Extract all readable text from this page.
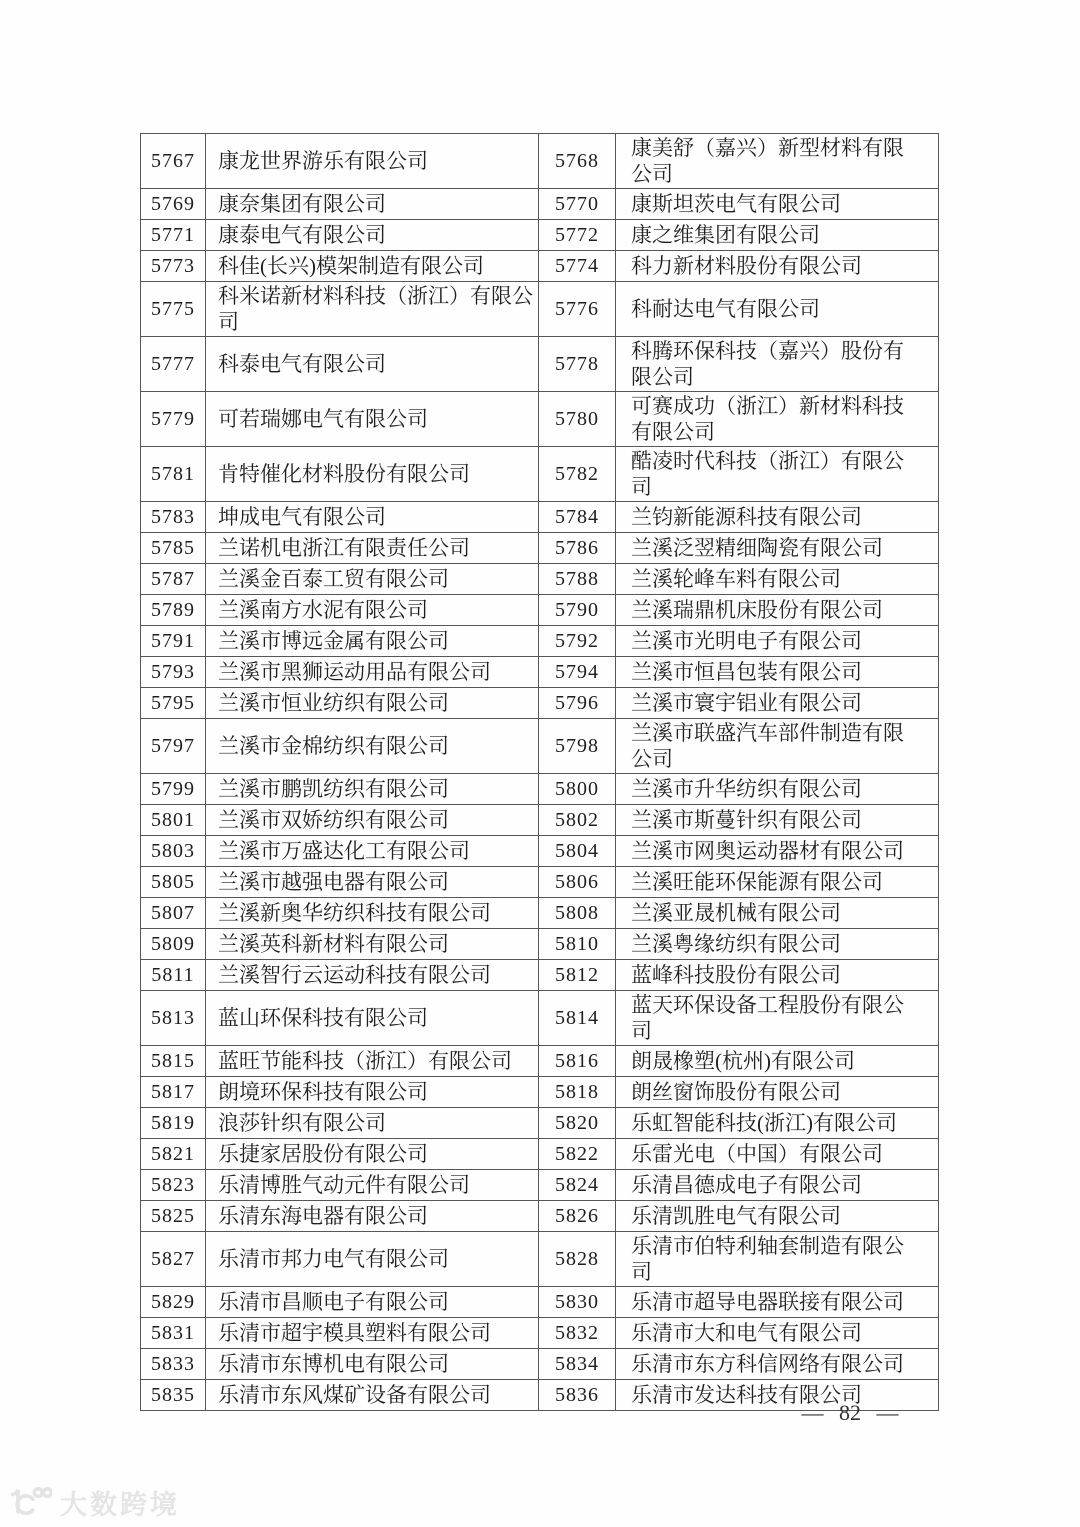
5767	康龙世界游乐有限公司	5768	康美舒（嘉兴）新型材料有限公司
5769	康奈集团有限公司	5770	康斯坦茨电气有限公司
5771	康泰电气有限公司	5772	康之维集团有限公司
5773	科佳(长兴)模架制造有限公司	5774	科力新材料股份有限公司
5775	科米诺新材料科技（浙江）有限公司	5776	科耐达电气有限公司
5777	科泰电气有限公司	5778	科腾环保科技（嘉兴）股份有限公司
5779	可若瑞娜电气有限公司	5780	可赛成功（浙江）新材料科技有限公司
5781	肯特催化材料股份有限公司	5782	酷凌时代科技（浙江）有限公司
5783	坤成电气有限公司	5784	兰钧新能源科技有限公司
5785	兰诺机电浙江有限责任公司	5786	兰溪泛翌精细陶瓷有限公司
5787	兰溪金百泰工贸有限公司	5788	兰溪轮峰车料有限公司
5789	兰溪南方水泥有限公司	5790	兰溪瑞鼎机床股份有限公司
5791	兰溪市博远金属有限公司	5792	兰溪市光明电子有限公司
5793	兰溪市黑狮运动用品有限公司	5794	兰溪市恒昌包装有限公司
5795	兰溪市恒业纺织有限公司	5796	兰溪市寰宇铝业有限公司
5797	兰溪市金棉纺织有限公司	5798	兰溪市联盛汽车部件制造有限公司
5799	兰溪市鹏凯纺织有限公司	5800	兰溪市升华纺织有限公司
5801	兰溪市双娇纺织有限公司	5802	兰溪市斯蔓针织有限公司
5803	兰溪市万盛达化工有限公司	5804	兰溪市网奥运动器材有限公司
5805	兰溪市越强电器有限公司	5806	兰溪旺能环保能源有限公司
5807	兰溪新奥华纺织科技有限公司	5808	兰溪亚晟机械有限公司
5809	兰溪英科新材料有限公司	5810	兰溪粤缘纺织有限公司
5811	兰溪智行云运动科技有限公司	5812	蓝峰科技股份有限公司
5813	蓝山环保科技有限公司	5814	蓝天环保设备工程股份有限公司
5815	蓝旺节能科技（浙江）有限公司	5816	朗晟橡塑(杭州)有限公司
5817	朗境环保科技有限公司	5818	朗丝窗饰股份有限公司
5819	浪莎针织有限公司	5820	乐虹智能科技(浙江)有限公司
5821	乐捷家居股份有限公司	5822	乐雷光电（中国）有限公司
5823	乐清博胜气动元件有限公司	5824	乐清昌德成电子有限公司
5825	乐清东海电器有限公司	5826	乐清凯胜电气有限公司
5827	乐清市邦力电气有限公司	5828	乐清市伯特利轴套制造有限公司
5829	乐清市昌顺电子有限公司	5830	乐清市超导电器联接有限公司
5831	乐清市超宇模具塑料有限公司	5832	乐清市大和电气有限公司
5833	乐清市东博机电有限公司	5834	乐清市东方科信网络有限公司
5835	乐清市东风煤矿设备有限公司	5836	乐清市发达科技有限公司
— 82 —
大数跨境
